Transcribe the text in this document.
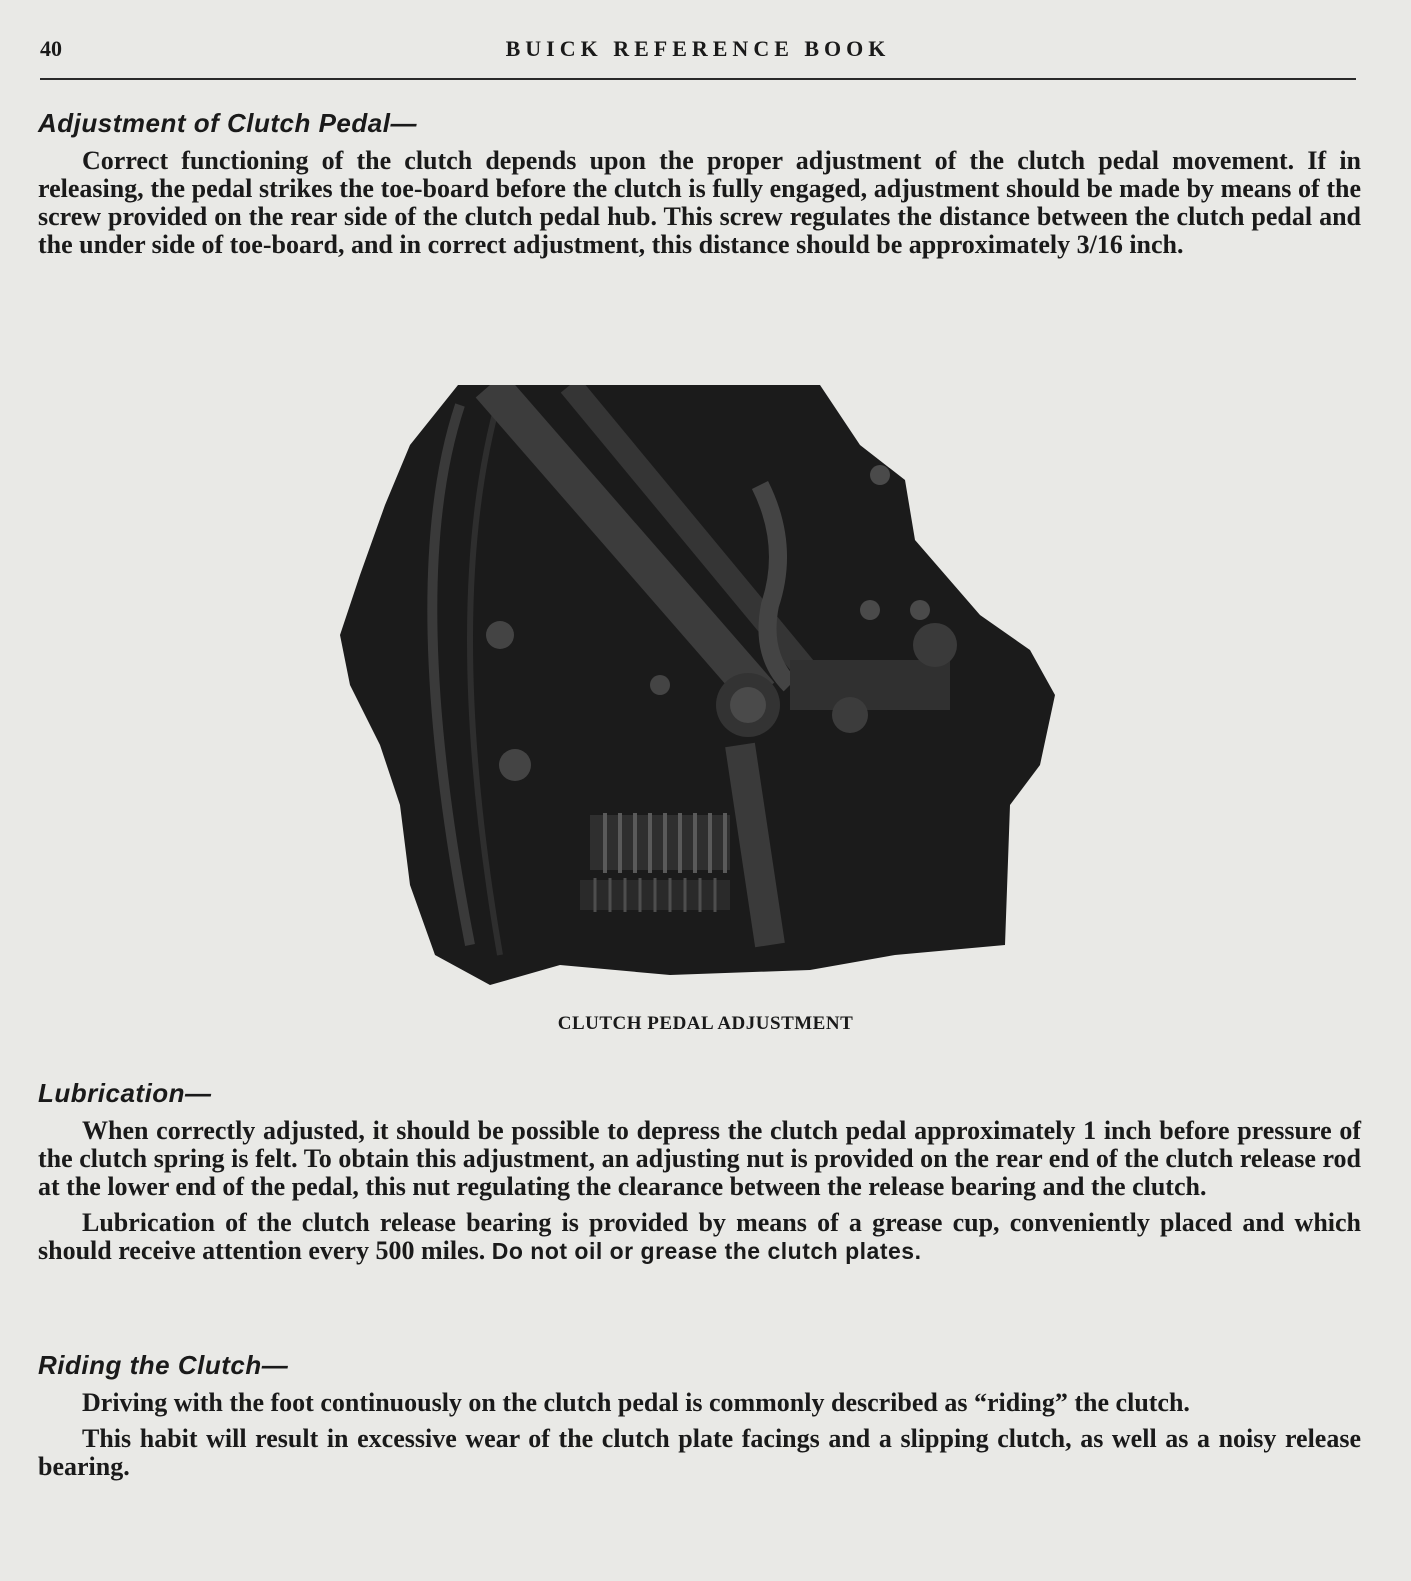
40	BUICK REFERENCE BOOK
Adjustment of Clutch Pedal—

Correct functioning of the clutch depends upon the proper adjustment of the clutch pedal movement. If in releasing, the pedal strikes the toe-board before the clutch is fully engaged, adjustment should be made by means of the screw provided on the rear side of the clutch pedal hub. This screw regulates the distance between the clutch pedal and the under side of toe-board, and in correct adjustment, this distance should be approximately 3/16 inch.

CLUTCH PEDAL ADJUSTMENT
Lubrication—

When correctly adjusted, it should be possible to depress the clutch pedal approximately 1 inch before pressure of the clutch spring is felt. To obtain this adjustment, an adjusting nut is provided on the rear end of the clutch release rod at the lower end of the pedal, this nut regulating the clearance between the release bearing and the clutch.

Lubrication of the clutch release bearing is provided by means of a grease cup, conveniently placed and which should receive attention every 500 miles. Do not oil or grease the clutch plates.

Riding the Clutch—

Driving with the foot continuously on the clutch pedal is commonly described as “riding” the clutch.

This habit will result in excessive wear of the clutch plate facings and a slipping clutch, as well as a noisy release bearing.
